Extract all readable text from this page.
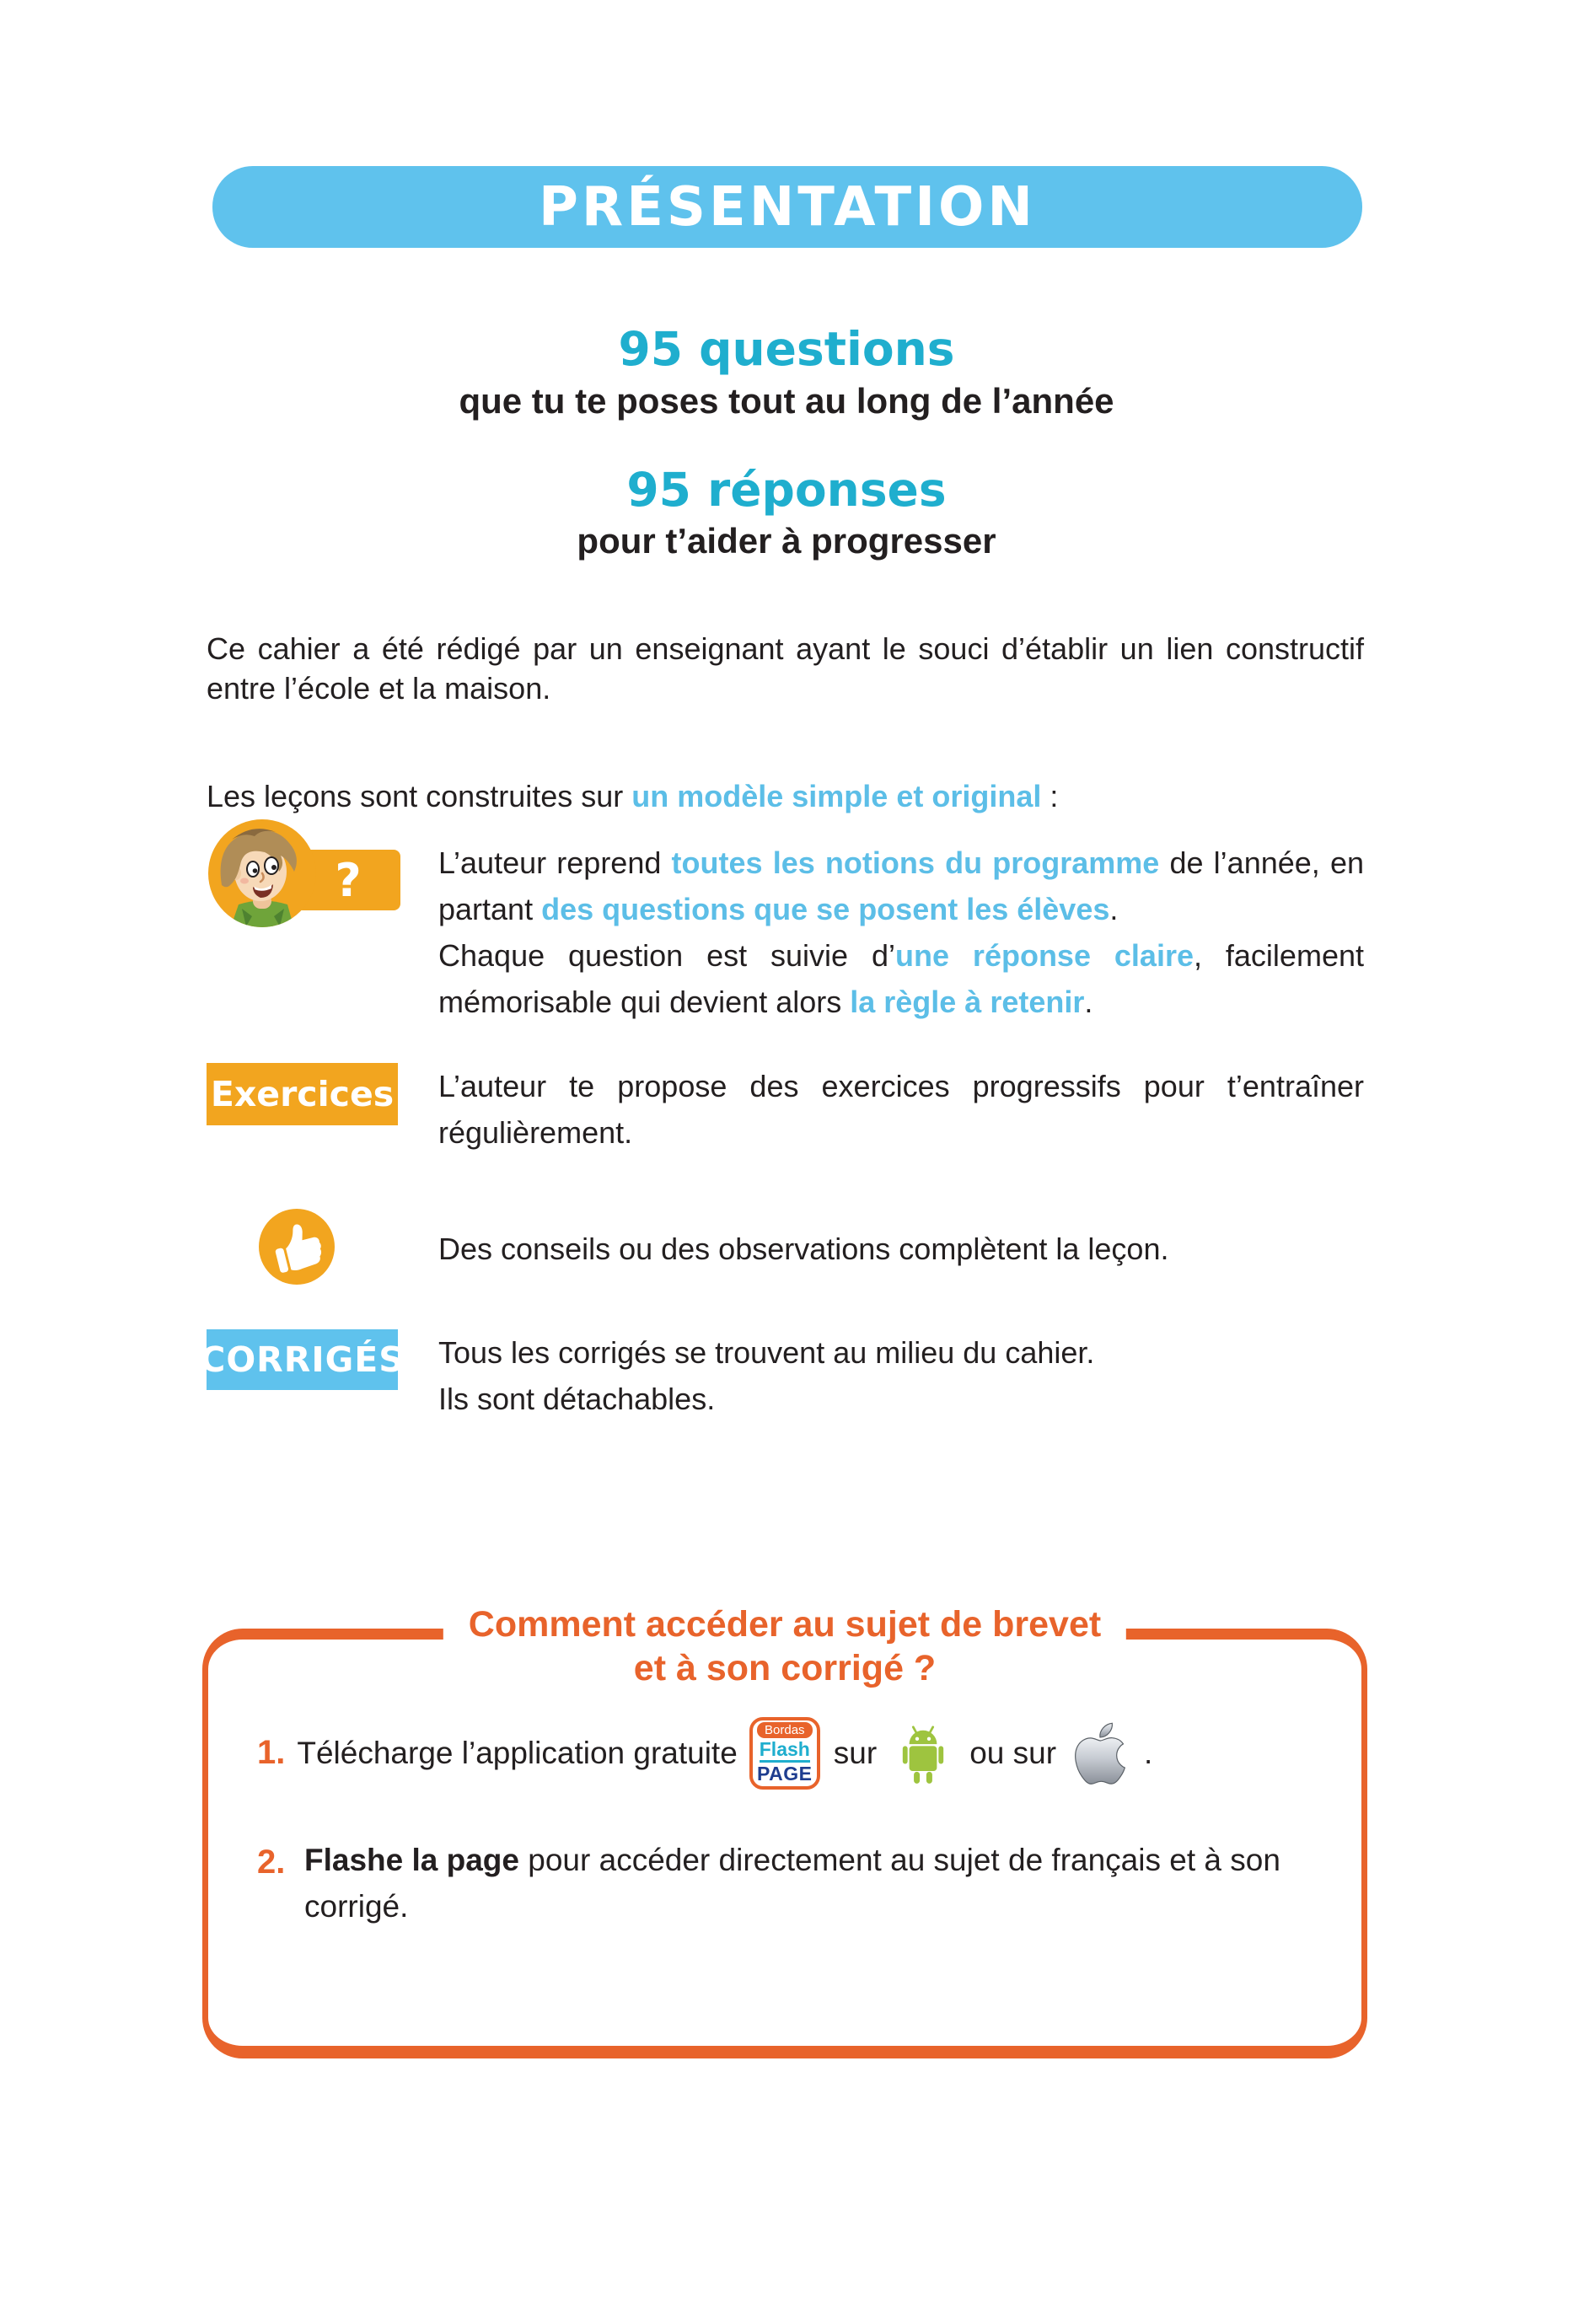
PRÉSENTATION
95 questions
que tu te poses tout au long de l’année
95 réponses
pour t’aider à progresser

Ce cahier a été rédigé par un enseignant ayant le souci d’établir un lien constructif entre l’école et la maison.

Les leçons sont construites sur un modèle simple et original :

?	L’auteur reprend toutes les notions du programme de l’année, en partant des questions que se posent les élèves.

Chaque question est suivie d’une réponse claire, facilement mémorisable qui devient alors la règle à retenir.

Exercices L’auteur te propose des exercices progressifs pour t’entraîner régulièrement.

Des conseils ou des observations complètent la leçon.

CORRIGÉS Tous les corrigés se trouvent au milieu du cahier.

Ils sont détachables.

Comment accéder au sujet de brevet
et à son corrigé ?
1. Télécharge l’application gratuite
Bordas
Flash
PAGE
sur	ou sur	.
2. Flashe la page pour accéder directement au sujet de français et à son corrigé.
